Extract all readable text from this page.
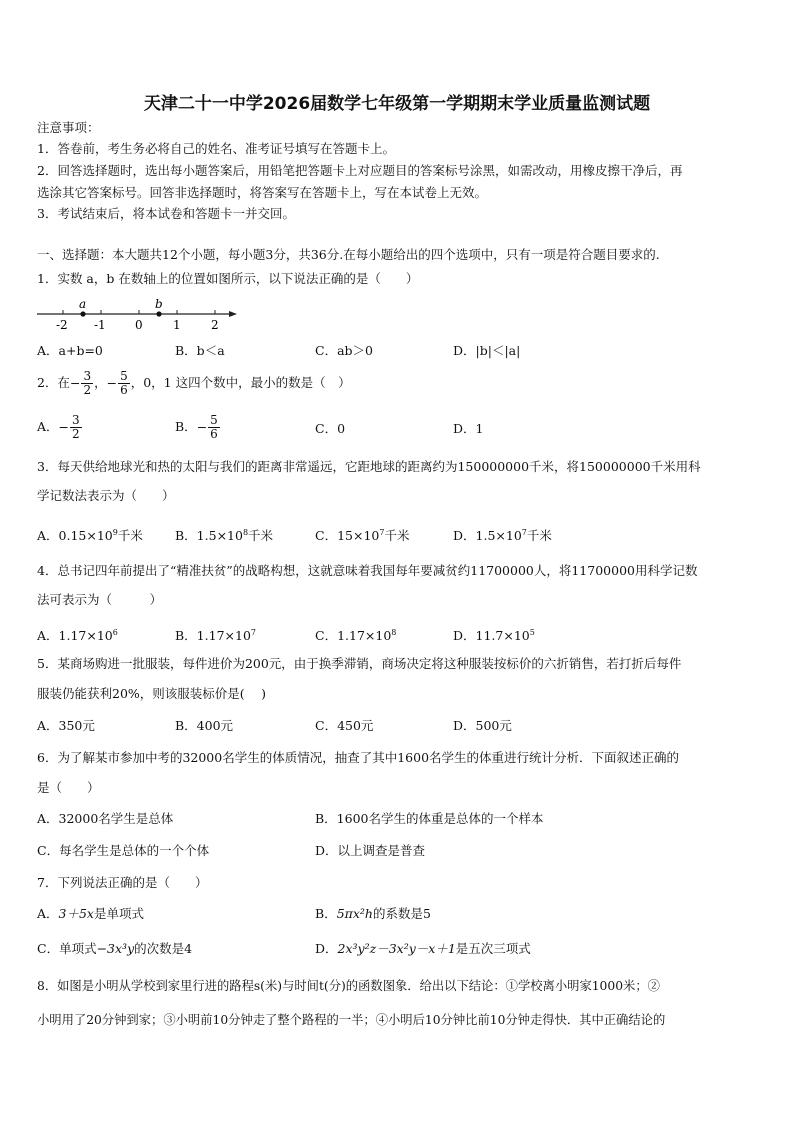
天津二十一中学2026届数学七年级第一学期期末学业质量监测试题
注意事项：
1．答卷前，考生务必将自己的姓名、准考证号填写在答题卡上。
2．回答选择题时，选出每小题答案后，用铅笔把答题卡上对应题目的答案标号涂黑，如需改动，用橡皮擦干净后，再
选涂其它答案标号。回答非选择题时，将答案写在答题卡上，写在本试卷上无效。
3．考试结束后，将本试卷和答题卡一并交回。
一、选择题：本大题共12个小题，每小题3分，共36分.在每小题给出的四个选项中，只有一项是符合题目要求的.
1．实数 a，b 在数轴上的位置如图所示，以下说法正确的是（　　）
a	b
-2 -1 0	1	2
A．a+b=0	B．b＜a	C．ab＞0	D．|b|＜|a|
2．在− $\frac{3}{2}$ ，− $\frac{5}{6}$ ，0，1 这四个数中，最小的数是（　）
A．− $\frac{3}{2}$	B．− $\frac{5}{6}$	C．0	D．1
3．每天供给地球光和热的太阳与我们的距离非常遥远，它距地球的距离约为150000000千米，将150000000千米用科
学记数法表示为（　　）
A．$0.15\times 10^9$千米	B．$1.5\times 10^8$千米	C．$15\times 10^7$千米	D．$1.5\times 10^7$千米
4．总书记四年前提出了“精准扶贫”的战略构想，这就意味着我国每年要减贫约11700000人，将11700000用科学记数
法可表示为（　　　）
A．$1.17\times 10^6$	B．$1.17\times 10^7$	C．$1.17\times 10^8$	D．$11.7\times 10^5$
5．某商场购进一批服装，每件进价为200元，由于换季滞销，商场决定将这种服装按标价的六折销售，若打折后每件
服装仍能获利20%，则该服装标价是(　 )
A．350元	B．400元	C．450元	D．500元
6．为了解某市参加中考的32000名学生的体质情况，抽查了其中1600名学生的体重进行统计分析．下面叙述正确的
是（　　）
A．32000名学生是总体	B．1600名学生的体重是总体的一个样本
C．每名学生是总体的一个个体	D．以上调查是普查
7．下列说法正确的是（　　）
A．3＋5x是单项式	B．5πx²h的系数是5
C．单项式−3x³y的次数是4	D．2x³y²z－3x²y－x＋1是五次三项式
8．如图是小明从学校到家里行进的路程s(米)与时间t(分)的函数图象．给出以下结论：①学校离小明家1000米；②
小明用了20分钟到家；③小明前10分钟走了整个路程的一半；④小明后10分钟比前10分钟走得快．其中正确结论的
